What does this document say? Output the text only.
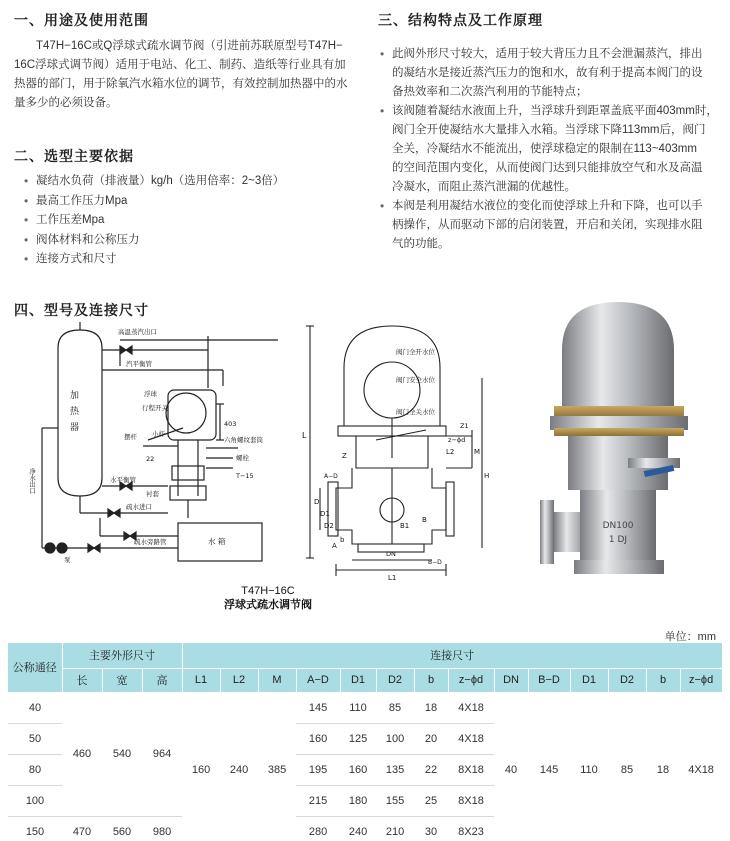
一、用途及使用范围
T47H−16C或Q浮球式疏水调节阀（引进前苏联原型号T47H−
16C浮球式调节阀）适用于电站、化工、制药、造纸等行业具有加
热器的部门，用于除氧汽水箱水位的调节，有效控制加热器中的水
量多少的必须设备。
二、选型主要依据
• 凝结水负荷（排液量）kg/h（选用倍率：2~3倍）
• 最高工作压力Mpa
• 工作压差Mpa
• 阀体材料和公称压力
• 连接方式和尺寸
三、结构特点及工作原理
• 此阀外形尺寸较大，适用于较大背压力且不会泄漏蒸汽，排出
的凝结水是接近蒸汽压力的饱和水，故有利于提高本阀门的设
备热效率和二次蒸汽利用的节能特点；
• 该阀随着凝结水液面上升，当浮球升到距罩盖底平面403mm时，
阀门全开使凝结水大量排入水箱。当浮球下降113mm后，阀门
全关，冷凝结水不能流出，使浮球稳定的限制在113~403mm
的空间范围内变化，从而使阀门达到只能排放空气和水及高温
冷凝水，而阻止蒸汽泄漏的优越性。
• 本阀是利用凝结水液位的变化而使浮球上升和下降，也可以手
柄操作，从而驱动下部的启闭装置，开启和关闭，实现排水阻
气的功能。
四、型号及连接尺寸
高温蒸汽出口
加
热
器
汽平衡管
浮球
行程开关
摆杆 小杆
22
403
六角螺纹套筒
螺栓
T−15
水平衡管
衬套
疏水进口
水 箱
疏水旁路管
泵
净水出口
阀门全开水位
阀门安全水位
阀门全关水位
L
L1
L2	M
H
D
D1
D2
A
B
B1
b
Z
z−ϕd
Z1
DN
A−D
B−D
T47H−16C
浮球式疏水调节阀
DN100
1 DJ
单位：mm
公称通径	主要外形尺寸			连接尺寸													
	长	宽	高	L1	L2	M	A−D	D1	D2	b	z−ϕd	DN	B−D	D1	D2	b	z−ϕd
40	460	540	964	160	240	385	145	110	85	18	4X18	40	145	110	85	18	4X18
50							160	125	100	20	4X18						
80							195	160	135	22	8X18						
100							215	180	155	25	8X18						
150	470	560	980				280	240	210	30	8X23						
